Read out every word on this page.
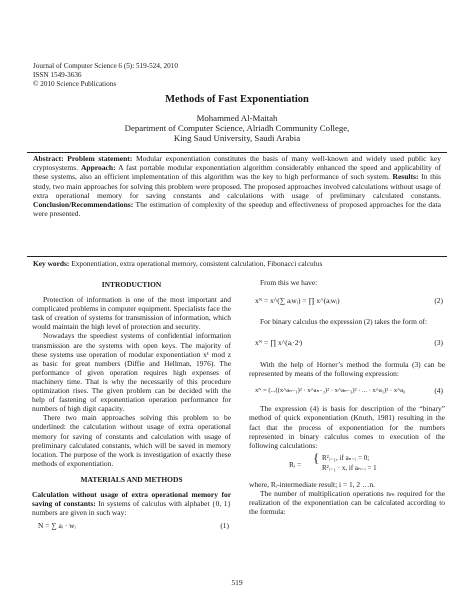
Journal of Computer Science 6 (5): 519-524, 2010
ISSN 1549-3636
© 2010 Science Publications
Methods of Fast Exponentiation
Mohammed Al-Maitah
Department of Computer Science, Alriadh Community College,
King Saud University, Saudi Arabia
Abstract: Problem statement: Modular exponentiation constitutes the basis of many well-known and widely used public key cryptosystems. Approach: A fast portable modular exponentiation algorithm considerably enhanced the speed and applicability of these systems, also an efficient implementation of this algorithm was the key to high performance of such system. Results: In this study, two main approaches for solving this problem were proposed. The proposed approaches involved calculations without usage of extra operational memory for saving constants and calculations with usage of preliminary calculated constants. Conclusion/Recommendations: The estimation of complexity of the speedup and effectiveness of proposed approaches for the data were presented.
Key words: Exponentiation, extra operational memory, consistent calculation, Fibonacci calculus
INTRODUCTION

Protection of information is one of the most important and complicated problems in computer equipment. Specialists face the task of creation of systems for transmission of information, which would maintain the high level of protection and security.

Nowadays the speediest systems of confidential information transmission are the systems with open keys. The majority of these systems use operation of modular exponentiation x¹ mod z as basic for great numbers (Diffie and Hellman, 1976). The performance of given operation requires high expenses of machinery time. That is why the necessarily of this procedure optimization rises. The given problem can be decided with the help of fastening of exponentiation operation performance for numbers of high digit capacity.

There two main approaches solving this problem to be underlined: the calculation without usage of extra operational memory for saving of constants and calculation with usage of preliminary calculated constants, which will be saved in memory location. The purpose of the work is investigation of exactly these methods of exponentiation.

MATERIALS AND METHODS

Calculation without usage of extra operational memory for saving of constants: In systems of calculus with alphabet {0, 1} numbers are given in such way:

N = ∑ aᵢ · wᵢ	(1)

From this we have:

xᴺ = x^(∑ aᵢwᵢ) = ∏ x^(aᵢwᵢ)	(2)

For binary calculus the expression (2) takes the form of:

xᴺ = ∏ x^(aᵢ·2ᶦ)	(3)

With the help of Horner’s method the formula (3) can be represented by means of the following expression:

xᴺ = (...((x^aₙ₋₁)² · x^aₙ₋₂)² · x^aₙ₋₃)² · ... · x^a₁)² · x^a₀	(4)

The expression (4) is basis for description of the “binary” method of quick exponentiation (Knuth, 1981) resulting in the fact that the process of exponentiation for the numbers represented in binary calculus comes to execution of the following calculations:

Rᵢ = { R²ᵢ₋₁, if aₙ₋ᵢ = 0;
R²ᵢ₋₁ · x, if aₙ₋ᵢ = 1

where, Rᵢ-intermediate result; i = 1, 2 …n.

The number of multiplication operations nₘ required for the realization of the exponentiation can be calculated according to the formula:

519
